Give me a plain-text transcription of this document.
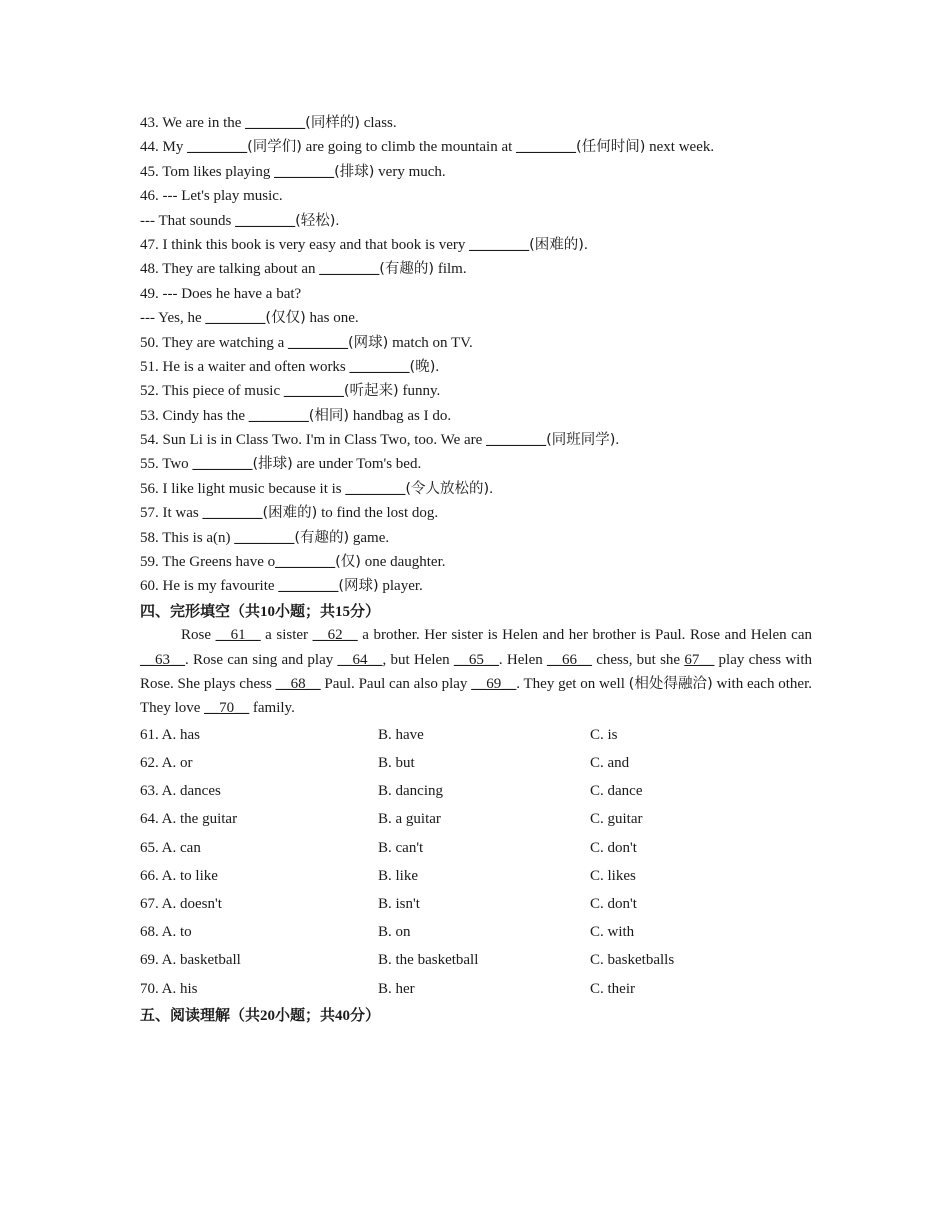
43. We are in the ________(同样的) class.
44. My ________(同学们) are going to climb the mountain at ________(任何时间) next week.
45. Tom likes playing ________(排球) very much.
46. --- Let's play music.
--- That sounds ________(轻松).
47. I think this book is very easy and that book is very ________(困难的).
48. They are talking about an ________(有趣的) film.
49. --- Does he have a bat?
--- Yes, he ________(仅仅) has one.
50. They are watching a ________(网球) match on TV.
51. He is a waiter and often works ________(晚).
52. This piece of music ________(听起来) funny.
53. Cindy has the ________(相同) handbag as I do.
54. Sun Li is in Class Two. I'm in Class Two, too. We are ________(同班同学).
55. Two ________(排球) are under Tom's bed.
56. I like light music because it is ________(令人放松的).
57. It was ________(困难的) to find the lost dog.
58. This is a(n) ________(有趣的) game.
59. The Greens have o________(仅) one daughter.
60. He is my favourite ________(网球) player.
四、完形填空（共10小题；共15分）
Rose __61__ a sister __62__ a brother. Her sister is Helen and her brother is Paul. Rose and Helen can __63__. Rose can sing and play __64__, but Helen __65__. Helen __66__ chess, but she 67__ play chess with Rose. She plays chess __68__ Paul. Paul can also play __69__. They get on well (相处得融洽) with each other. They love __70__ family.
61. A. has	B. have	C. is
62. A. or	B. but	C. and
63. A. dances	B. dancing	C. dance
64. A. the guitar	B. a guitar	C. guitar
65. A. can	B. can't	C. don't
66. A. to like	B. like	C. likes
67. A. doesn't	B. isn't	C. don't
68. A. to	B. on	C. with
69. A. basketball	B. the basketball	C. basketballs
70. A. his	B. her	C. their
五、阅读理解（共20小题；共40分）
